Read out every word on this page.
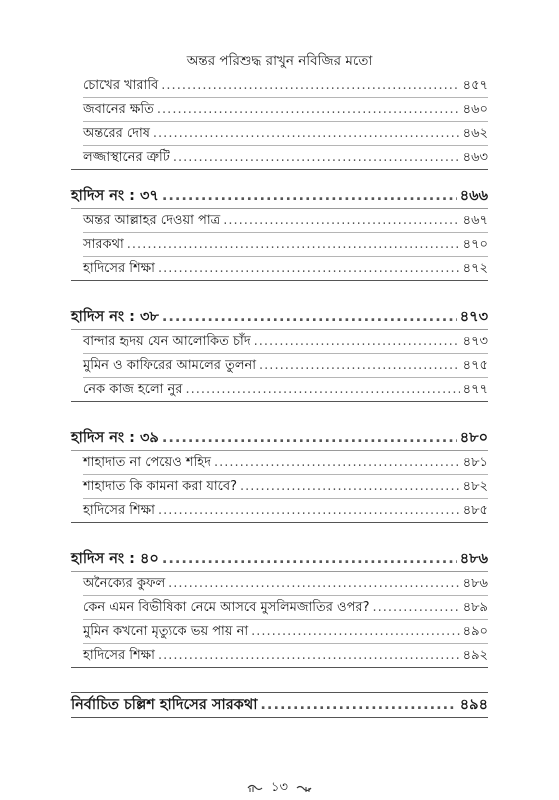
অন্তর পরিশুদ্ধ রাখুন নবিজির মতো
চোখের খারাবি .....	৪৫৭
জবানের ক্ষতি .....	৪৬০
অন্তরের দোষ .....	৪৬২
লজ্জাস্থানের ত্রুটি .....	৪৬৩
হাদিস নং : ৩৭ .....	৪৬৬
অন্তর আল্লাহর দেওয়া পাত্র .....	৪৬৭
সারকথা .....	৪৭০
হাদিসের শিক্ষা .....	৪৭২
হাদিস নং : ৩৮ .....	৪৭৩
বান্দার হৃদয় যেন আলোকিত চাঁদ .....	৪৭৩
মুমিন ও কাফিরের আমলের তুলনা .....	৪৭৫
নেক কাজ হলো নুর .....	৪৭৭
হাদিস নং : ৩৯ .....	৪৮০
শাহাদাত না পেয়েও শহিদ .....	৪৮১
শাহাদাত কি কামনা করা যাবে? .....	৪৮২
হাদিসের শিক্ষা .....	৪৮৫
হাদিস নং : ৪০ .....	৪৮৬
অনৈক্যের কুফল .....	৪৮৬
কেন এমন বিভীষিকা নেমে আসবে মুসলিমজাতির ওপর? .....	৪৮৯
মুমিন কখনো মৃত্যুকে ভয় পায় না .....	৪৯০
হাদিসের শিক্ষা .....	৪৯২
নির্বাচিত চল্লিশ হাদিসের সারকথা .....	৪৯৪
১৩
